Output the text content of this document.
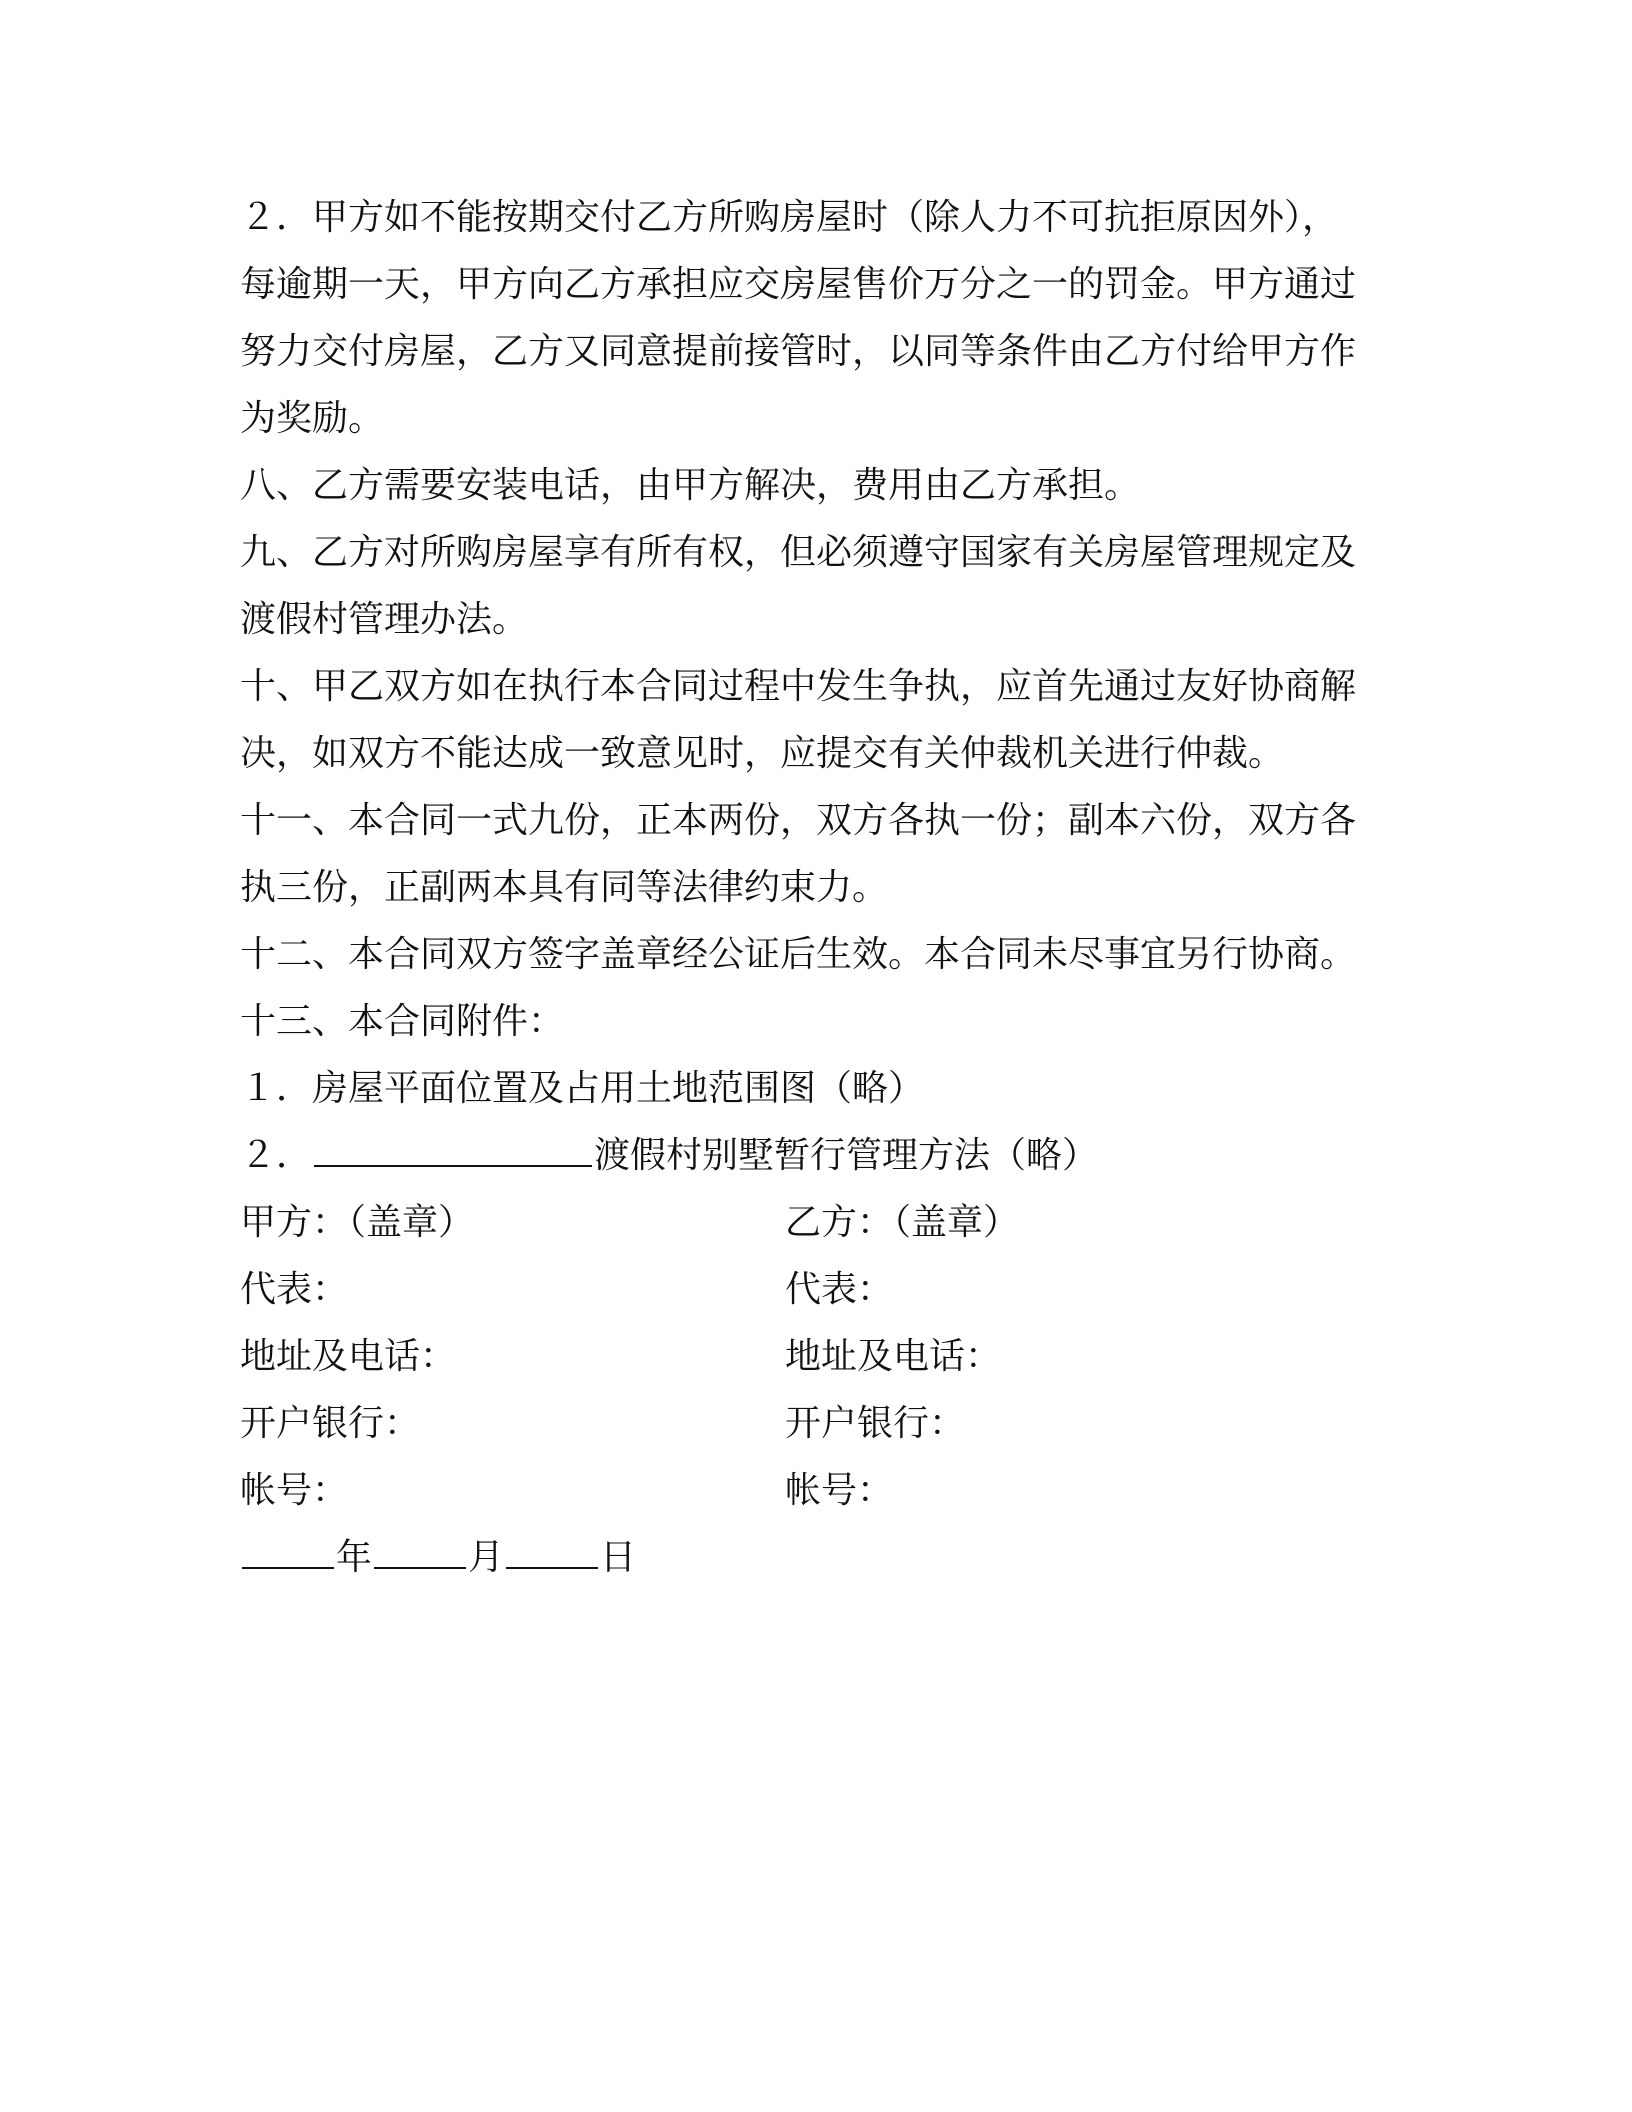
２．甲方如不能按期交付乙方所购房屋时（除人力不可抗拒原因外），
每逾期一天，甲方向乙方承担应交房屋售价万分之一的罚金。甲方通过
努力交付房屋，乙方又同意提前接管时，以同等条件由乙方付给甲方作
为奖励。
八、乙方需要安装电话，由甲方解决，费用由乙方承担。
九、乙方对所购房屋享有所有权，但必须遵守国家有关房屋管理规定及
渡假村管理办法。
十、甲乙双方如在执行本合同过程中发生争执，应首先通过友好协商解
决，如双方不能达成一致意见时，应提交有关仲裁机关进行仲裁。
十一、本合同一式九份，正本两份，双方各执一份；副本六份，双方各
执三份，正副两本具有同等法律约束力。
十二、本合同双方签字盖章经公证后生效。本合同未尽事宜另行协商。
十三、本合同附件：
１．房屋平面位置及占用土地范围图（略）
２．	渡假村别墅暂行管理方法（略）
甲方：（盖章）	乙方：（盖章）
代表：	代表：
地址及电话：	地址及电话：
开户银行：	开户银行：
帐号：	帐号：
年	月	日
